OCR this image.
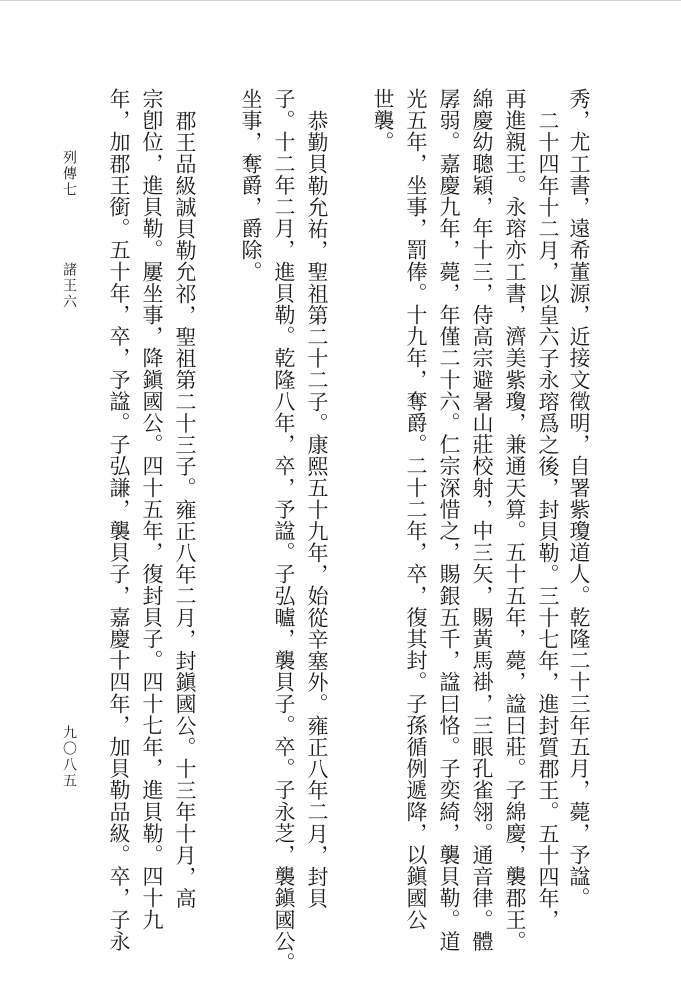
秀，尤工書，遠希董源，近接文徵明，自署紫瓊道人。乾隆二十三年五月，薨，予諡。
二十四年十二月，以皇六子永瑢爲之後，封貝勒。三十七年，進封質郡王。五十四年，
再進親王。永瑢亦工書，濟美紫瓊，兼通天算。五十五年，薨，諡曰莊。子綿慶，襲郡王。
綿慶幼聰穎，年十三，侍高宗避暑山莊校射，中三矢，賜黃馬褂，三眼孔雀翎。通音律。體
孱弱。嘉慶九年，薨，年僅二十六。仁宗深惜之，賜銀五千，諡曰恪。子奕綺，襲貝勒。道
光五年，坐事，罰俸。十九年，奪爵。二十二年，卒，復其封。子孫循例遞降，以鎭國公
世襲。
恭勤貝勒允祐，聖祖第二十二子。康熙五十九年，始從辛塞外。雍正八年二月，封貝
子。十二年二月，進貝勒。乾隆八年，卒，予諡。子弘曥，襲貝子。卒。子永芝，襲鎭國公。
坐事，奪爵，爵除。
郡王品級誠貝勒允祁，聖祖第二十三子。雍正八年二月，封鎭國公。十三年十月，高
宗卽位，進貝勒。屢坐事，降鎭國公。四十五年，復封貝子。四十七年，進貝勒。四十九
年，加郡王銜。五十年，卒，予諡。子弘謙，襲貝子，嘉慶十四年，加貝勒品級。卒，子永
列傳七
諸王六
九〇八五
